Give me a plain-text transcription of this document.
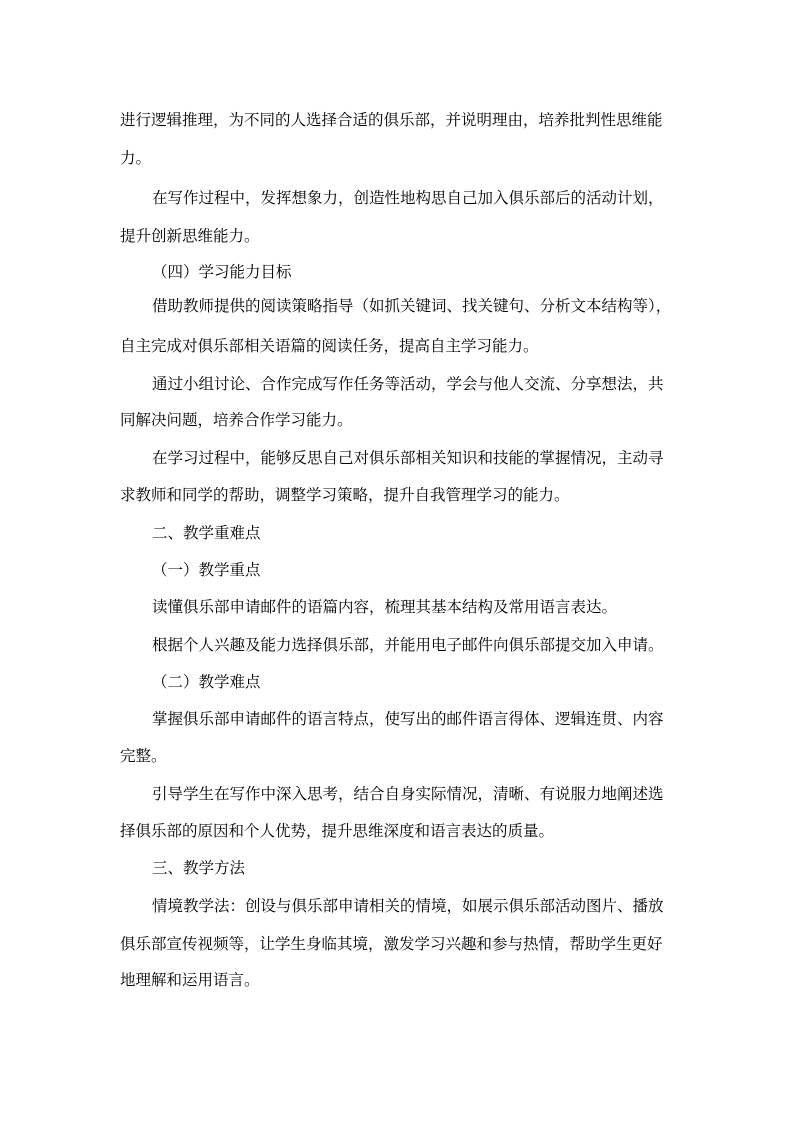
进行逻辑推理，为不同的人选择合适的俱乐部，并说明理由，培养批判性思维能
力。
在写作过程中，发挥想象力，创造性地构思自己加入俱乐部后的活动计划，
提升创新思维能力。
（四）学习能力目标
借助教师提供的阅读策略指导（如抓关键词、找关键句、分析文本结构等），
自主完成对俱乐部相关语篇的阅读任务，提高自主学习能力。
通过小组讨论、合作完成写作任务等活动，学会与他人交流、分享想法，共
同解决问题，培养合作学习能力。
在学习过程中，能够反思自己对俱乐部相关知识和技能的掌握情况，主动寻
求教师和同学的帮助，调整学习策略，提升自我管理学习的能力。
二、教学重难点
（一）教学重点
读懂俱乐部申请邮件的语篇内容，梳理其基本结构及常用语言表达。
根据个人兴趣及能力选择俱乐部，并能用电子邮件向俱乐部提交加入申请。
（二）教学难点
掌握俱乐部申请邮件的语言特点，使写出的邮件语言得体、逻辑连贯、内容
完整。
引导学生在写作中深入思考，结合自身实际情况，清晰、有说服力地阐述选
择俱乐部的原因和个人优势，提升思维深度和语言表达的质量。
三、教学方法
情境教学法：创设与俱乐部申请相关的情境，如展示俱乐部活动图片、播放
俱乐部宣传视频等，让学生身临其境，激发学习兴趣和参与热情，帮助学生更好
地理解和运用语言。
